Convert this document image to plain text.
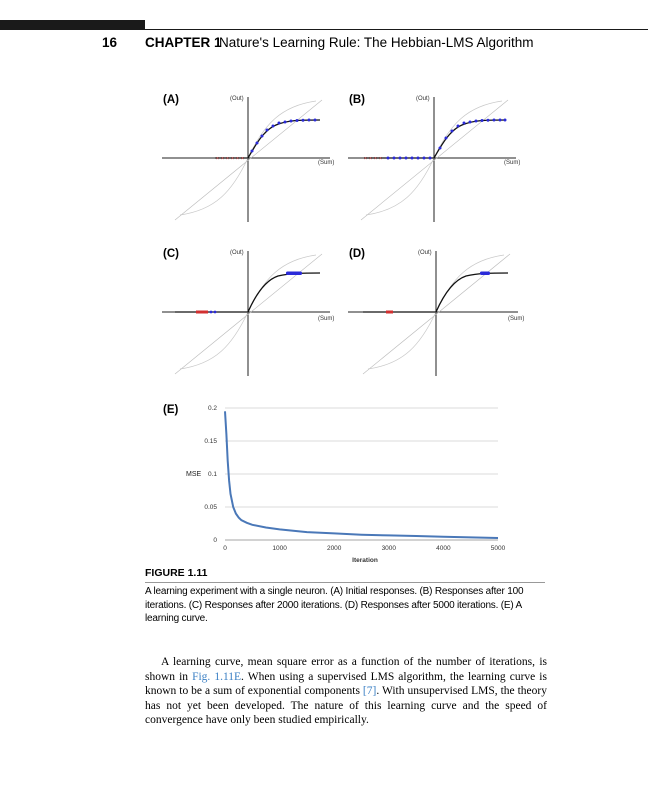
16 CHAPTER 1
Nature's Learning Rule: The Hebbian-LMS Algorithm
(A)
× × × × × ×
(Out)
(Sum)
(B)
× × × ×
(Out)
(Sum)
(C)	(Out)
(Sum)
(D)	(Out)
(Sum)
(E)
0
0.05
0.1
0.15
0.2
0	1000	2000	3000	4000	5000
MSE
Iteration
FIGURE 1.11
A learning experiment with a single neuron. (A) Initial responses. (B) Responses after 100 iterations. (C) Responses after 2000 iterations. (D) Responses after 5000 iterations. (E) A learning curve.

A learning curve, mean square error as a function of the number of iterations, is shown in Fig. 1.11E. When using a supervised LMS algorithm, the learning curve is known to be a sum of exponential components [7]. With unsupervised LMS, the theory has not yet been developed. The nature of this learning curve and the speed of convergence have only been studied empirically.
